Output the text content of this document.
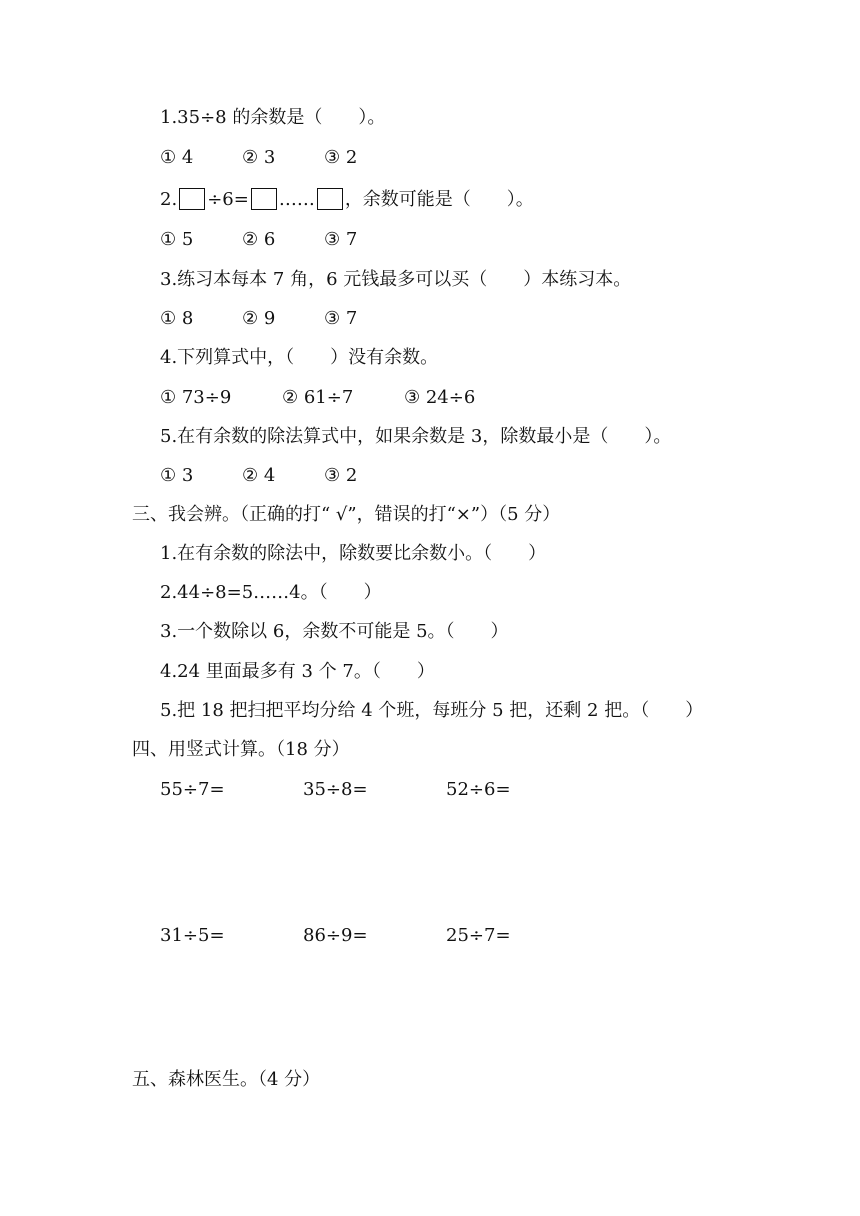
1.35÷8 的余数是（　　）。
① 4	② 3	③ 2
2. ÷6= …… ，余数可能是（　　）。
① 5	② 6	③ 7
3.练习本每本 7 角，6 元钱最多可以买（　　）本练习本。
① 8	② 9	③ 7
4.下列算式中，（　　）没有余数。
① 73÷9	② 61÷7	③ 24÷6
5.在有余数的除法算式中，如果余数是 3，除数最小是（　　）。
① 3	② 4	③ 2
三、我会辨。（正确的打“ √”，错误的打“×”）（5 分）
1.在有余数的除法中，除数要比余数小。（　　）
2.44÷8=5……4。（　　）
3.一个数除以 6，余数不可能是 5。（　　）
4.24 里面最多有 3 个 7。（　　）
5.把 18 把扫把平均分给 4 个班，每班分 5 把，还剩 2 把。（　　）
四、用竖式计算。（18 分）
55÷7=	35÷8=	52÷6=
31÷5=	86÷9=	25÷7=
五、森林医生。（4 分）
